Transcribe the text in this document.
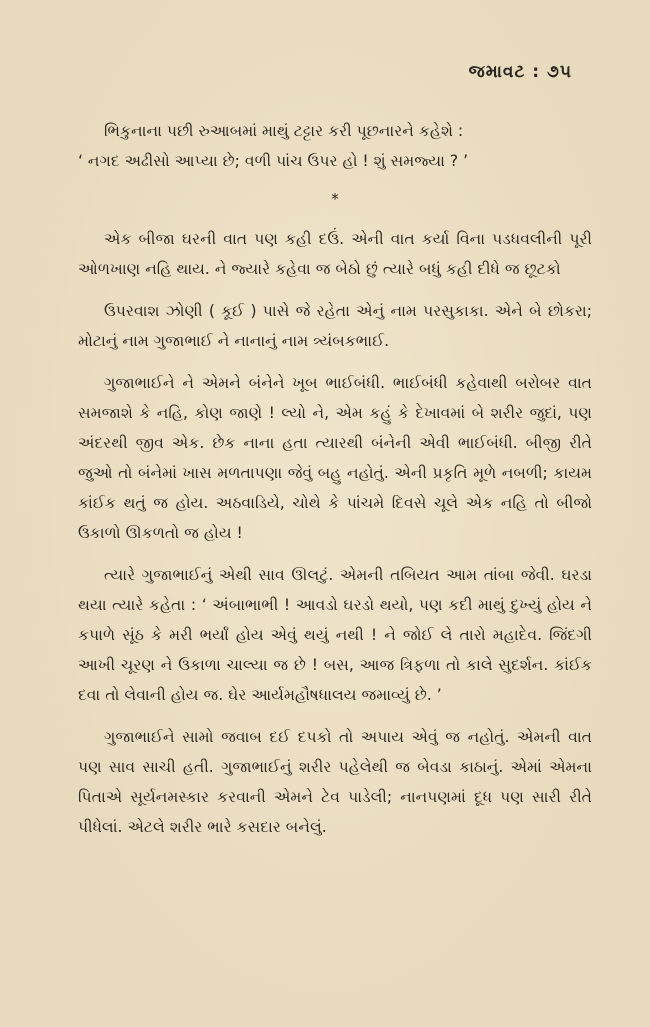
જમાવટ : ૭૫

ભિકુનાના પછી રુઆબમાં માથું ટટ્ટાર કરી પૂછનારને કહેશે :

‘ નગદ અઢીસો આપ્યા છે; વળી પાંચ ઉપર હો ! શું સમજ્યા ? ’

*

એક બીજા ઘરની વાત પણ કહી દઉં. એની વાત કર્યા વિના પડધવલીની પૂરી ઓળખાણ નહિ થાય. ને જ્યારે કહેવા જ બેઠો છું ત્યારે બધું કહી દીધે જ છૂટકો

ઉપરવાશ ઝોણી ( કૂઈ ) પાસે જે રહેતા એનું નામ પરસુકાકા. એને બે છોકરા; મોટાનું નામ ગુજાભાઈ ને નાનાનું નામ ત્ર્યંબકભાઈ.

ગુજાભાઈને ને એમને બંનેને ખૂબ ભાઈબંધી. ભાઈબંધી કહેવાથી બરોબર વાત સમજાશે કે નહિ, કોણ જાણે ! લ્યો ને, એમ કહું કે દેખાવમાં બે શરીર જુદાં, પણ અંદરથી જીવ એક. છેક નાના હતા ત્યારથી બંનેની એવી ભાઈબંધી. બીજી રીતે જુઓ તો બંનેમાં ખાસ મળતાપણા જેવું બહુ નહોતું. એની પ્રકૃતિ મૂળે નબળી; કાયમ કાંઈક થતું જ હોય. અઠવાડિયે, ચોથે કે પાંચમે દિવસે ચૂલે એક નહિ તો બીજો ઉકાળો ઊકળતો જ હોય !

ત્યારે ગુજાભાઈનું એથી સાવ ઊલટું. એમની તબિયત આમ તાંબા જેવી. ઘરડા થયા ત્યારે કહેતા : ‘ અંબાભાભી ! આવડો ઘરડો થયો, પણ કદી માથું દુખ્યું હોય ને કપાળે સૂંઠ કે મરી ભર્યાં હોય એવું થયું નથી ! ને જોઈ લે તારો મહાદેવ. જિંદગી આખી ચૂરણ ને ઉકાળા ચાલ્યા જ છે ! બસ, આજ ત્રિફળા તો કાલે સુદર્શન. કાંઈક દવા તો લેવાની હોય જ. ઘેર આર્યમહૌષધાલય જમાવ્યું છે. ’

ગુજાભાઈને સામો જવાબ દઈ દપકો તો અપાય એવું જ નહોતું. એમની વાત પણ સાવ સાચી હતી. ગુજાભાઈનું શરીર પહેલેથી જ બેવડા કાઠાનું. એમાં એમના પિતાએ સૂર્યનમસ્કાર કરવાની એમને ટેવ પાડેલી; નાનપણમાં દૂધ પણ સારી રીતે પીધેલાં. એટલે શરીર ભારે કસદાર બનેલું.
